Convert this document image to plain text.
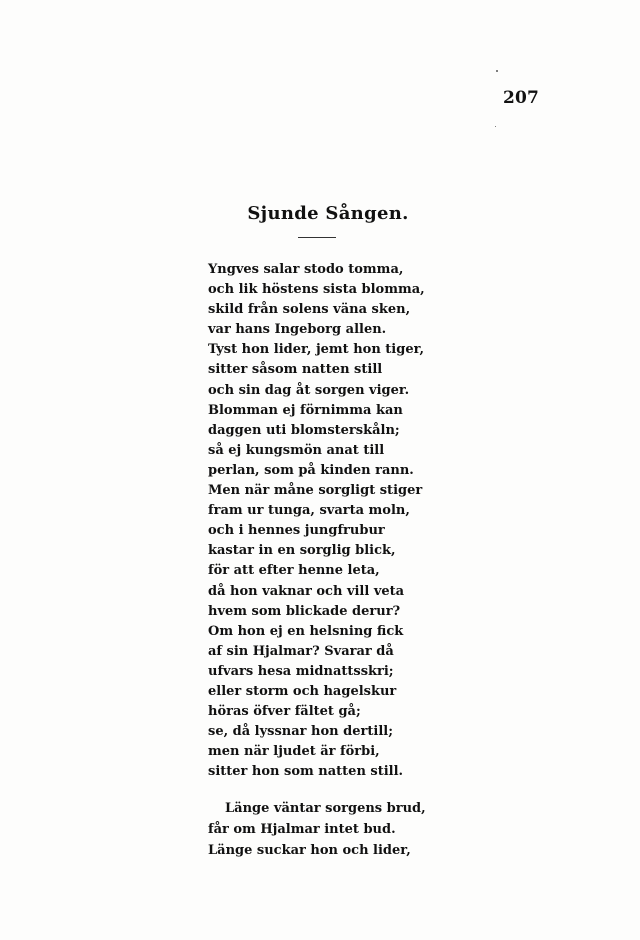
207
Sjunde Sången.
Yngves salar stodo tomma,
och lik höstens sista blomma,
skild från solens väna sken,
var hans Ingeborg allen.
Tyst hon lider, jemt hon tiger,
sitter såsom natten still
och sin dag åt sorgen viger.
Blomman ej förnimma kan
daggen uti blomsterskåln;
så ej kungsmön anat till
perlan, som på kinden rann.
Men när måne sorgligt stiger
fram ur tunga, svarta moln,
och i hennes jungfrubur
kastar in en sorglig blick,
för att efter henne leta,
då hon vaknar och vill veta
hvem som blickade derur?
Om hon ej en helsning fick
af sin Hjalmar? Svarar då
ufvars hesa midnattsskri;
eller storm och hagelskur
höras öfver fältet gå;
se, då lyssnar hon dertill;
men när ljudet är förbi,
sitter hon som natten still.
Länge väntar sorgens brud,
får om Hjalmar intet bud.
Länge suckar hon och lider,
